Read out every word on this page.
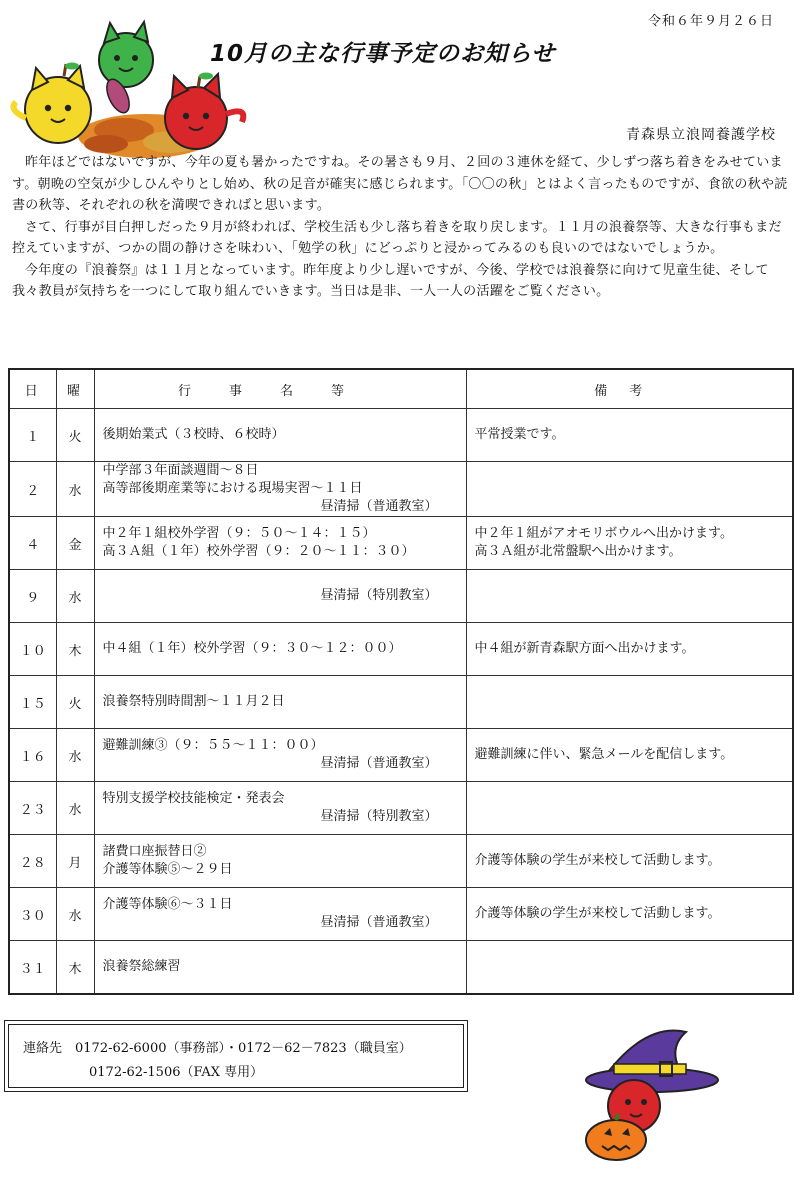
令和６年９月２６日
10月の主な行事予定のお知らせ
青森県立浪岡養護学校

昨年ほどではないですが、今年の夏も暑かったですね。その暑さも９月、２回の３連休を経て、少しずつ落ち着きをみせています。朝晩の空気が少しひんやりとし始め、秋の足音が確実に感じられます。「〇〇の秋」とはよく言ったものですが、食欲の秋や読書の秋等、それぞれの秋を満喫できればと思います。

さて、行事が目白押しだった９月が終われば、学校生活も少し落ち着きを取り戻します。１１月の浪養祭等、大きな行事もまだ控えていますが、つかの間の静けさを味わい、「勉学の秋」にどっぷりと浸かってみるのも良いのではないでしょうか。

今年度の『浪養祭』は１１月となっています。昨年度より少し遅いですが、今後、学校では浪養祭に向けて児童生徒、そして我々教員が気持ちを一つにして取り組んでいきます。当日は是非、一人一人の活躍をご覧ください。

日	曜	行事名等	備考
１	火	後期始業式（３校時、６校時）	平常授業です。

２	水	中学部３年面談週間～８日
高等部後期産業等における現場実習～１１日
昼清掃（普通教室）	

４	金	中２年１組校外学習（９：５０～１４：１５）
高３Ａ組（１年）校外学習（９：２０～１１：３０）	中２年１組がアオモリボウルへ出かけます。
高３Ａ組が北常盤駅へ出かけます。

９	水	昼清掃（特別教室）	

１０	木	中４組（１年）校外学習（９：３０～１２：００）	中４組が新青森駅方面へ出かけます。

１５	火	浪養祭特別時間割～１１月２日	

１６	水	避難訓練③（９：５５～１１：００）
昼清掃（普通教室）	避難訓練に伴い、緊急メールを配信します。

２３	水	特別支援学校技能検定・発表会
昼清掃（特別教室）	

２８	月	諸費口座振替日②
介護等体験⑤～２９日	介護等体験の学生が来校して活動します。

３０	水	介護等体験⑥～３１日
昼清掃（普通教室）	介護等体験の学生が来校して活動します。

３１	木	浪養祭総練習	

連絡先　0172-62-6000（事務部）・0172－62－7823（職員室）
0172-62-1506（FAX 専用）
